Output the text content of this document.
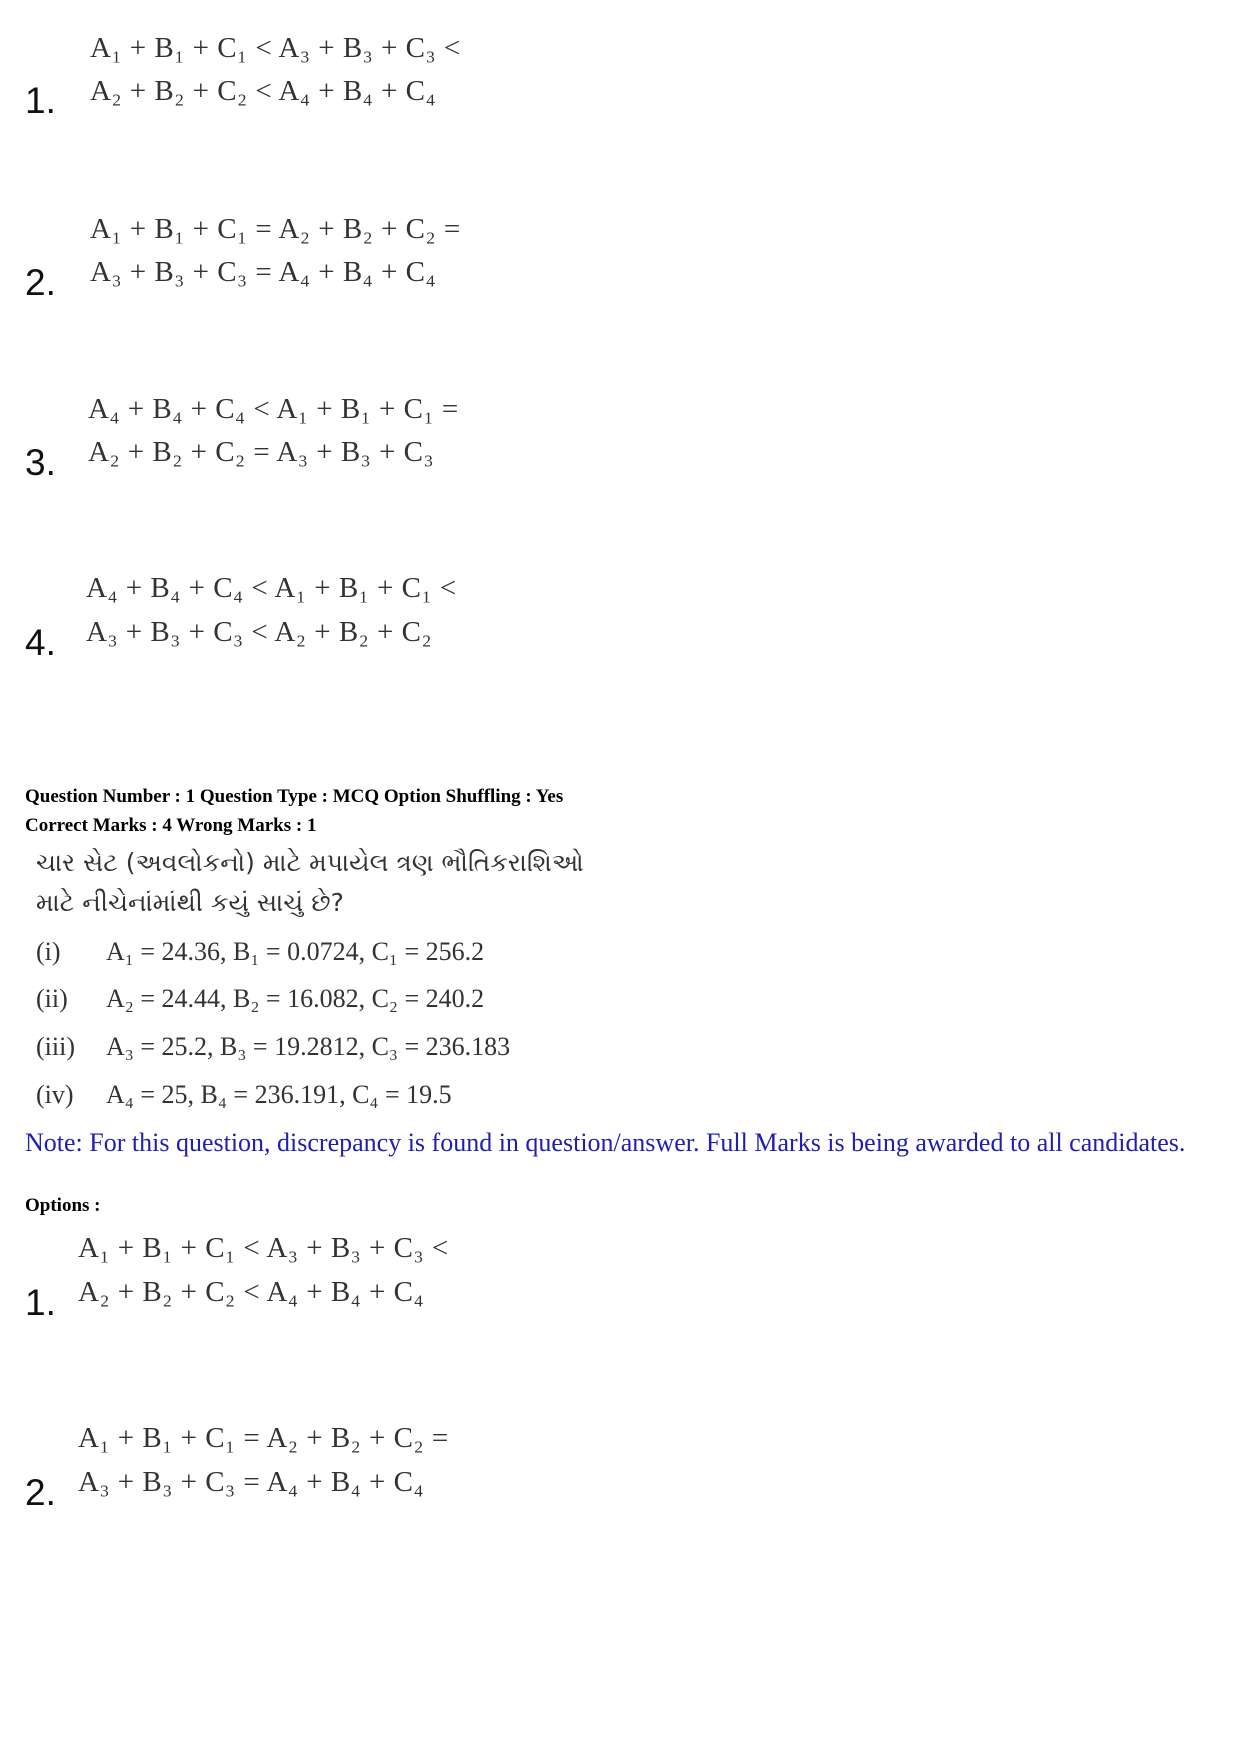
A₁ + B₁ + C₁ < A₃ + B₃ + C₃ <
1. A₂ + B₂ + C₂ < A₄ + B₄ + C₄
A₁ + B₁ + C₁ = A₂ + B₂ + C₂ =
2. A₃ + B₃ + C₃ = A₄ + B₄ + C₄
A₄ + B₄ + C₄ < A₁ + B₁ + C₁ =
3. A₂ + B₂ + C₂ = A₃ + B₃ + C₃
A₄ + B₄ + C₄ < A₁ + B₁ + C₁ <
4. A₃ + B₃ + C₃ < A₂ + B₂ + C₂
Question Number : 1 Question Type : MCQ Option Shuffling : Yes
Correct Marks : 4 Wrong Marks : 1
ચાર સેટ (અવલોકનો) માટે મપાયેલ ત્રણ ભૌતિકરાશિઓ
માટે નીચેનાંમાંથી કયું સાચું છે?
(i) A₁ = 24.36, B₁ = 0.0724, C₁ = 256.2
(ii) A₂ = 24.44, B₂ = 16.082, C₂ = 240.2
(iii) A₃ = 25.2, B₃ = 19.2812, C₃ = 236.183
(iv) A₄ = 25, B₄ = 236.191, C₄ = 19.5
Note: For this question, discrepancy is found in question/answer. Full Marks is being awarded to all candidates.
Options :
A₁ + B₁ + C₁ < A₃ + B₃ + C₃ <
1. A₂ + B₂ + C₂ < A₄ + B₄ + C₄
A₁ + B₁ + C₁ = A₂ + B₂ + C₂ =
2. A₃ + B₃ + C₃ = A₄ + B₄ + C₄
